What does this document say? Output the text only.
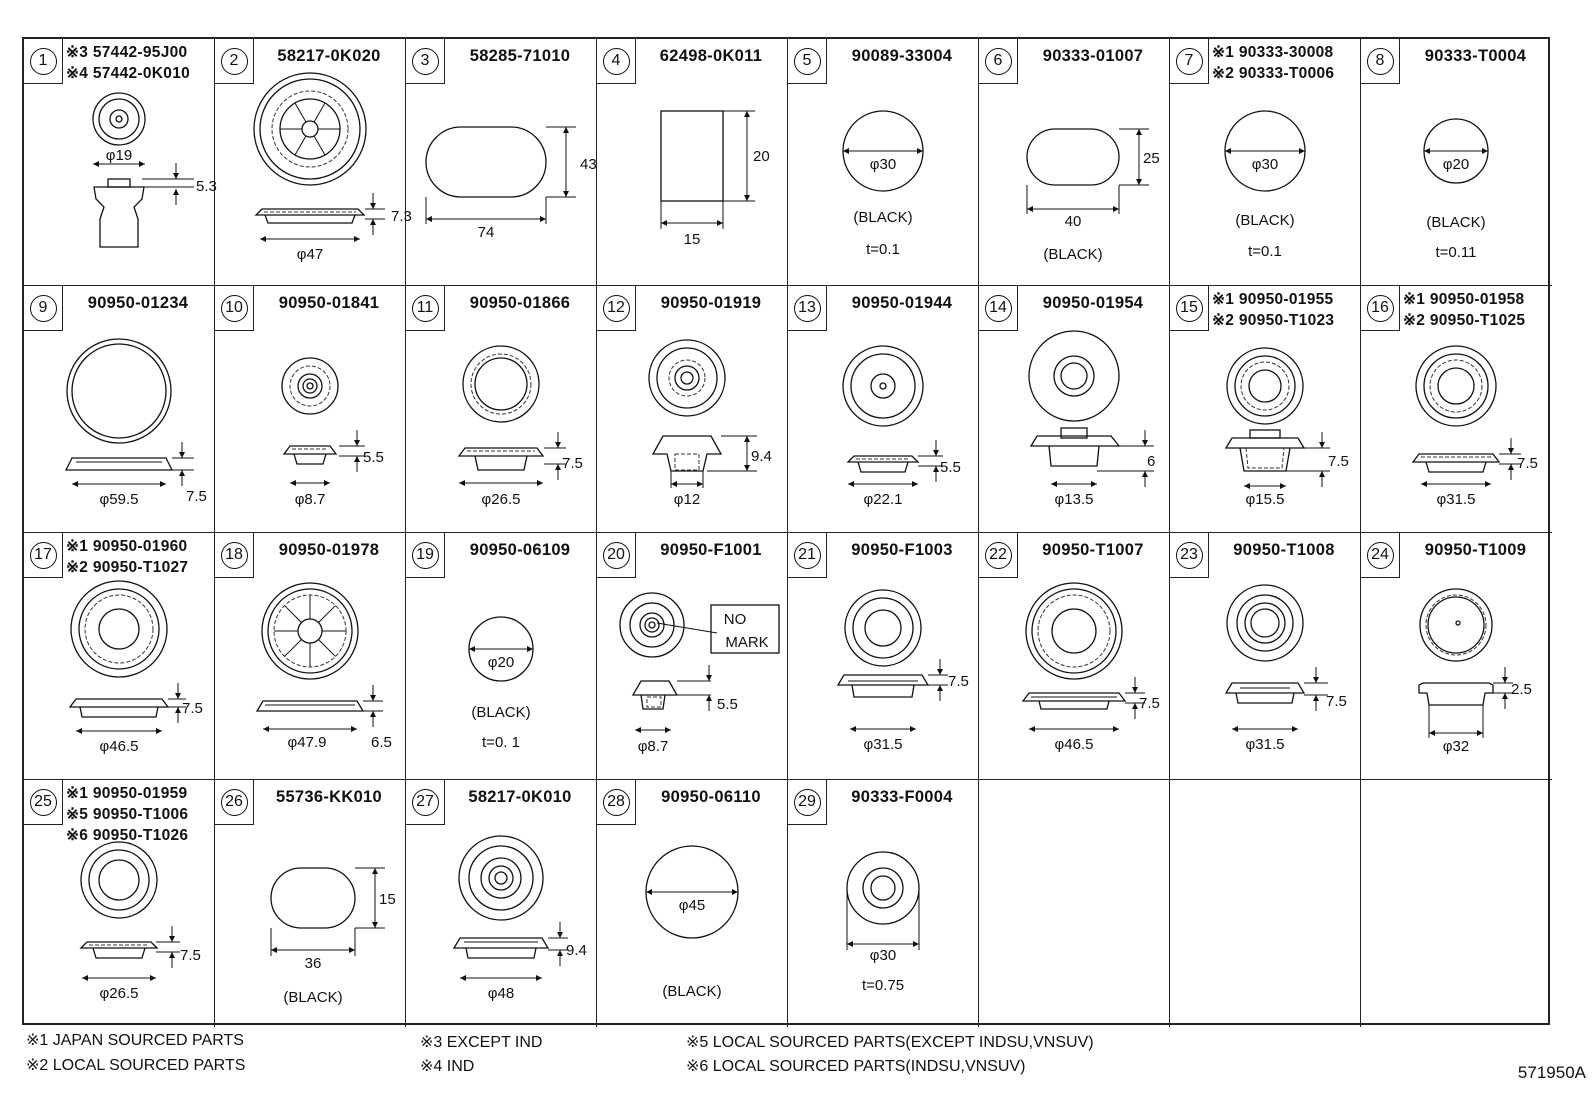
1	※3 57442-95J00
※4 57442-0K010
φ19
5.3
2	58217-0K020
7.3
φ47
3	58285-71010
43
74
4	62498-0K011
20
15
5	90089-33004
φ30
(BLACK)
t=0.1
6	90333-01007
25
40
(BLACK)
7	※1 90333-30008
※2 90333-T0006
φ30
(BLACK)
t=0.1
8	90333-T0004
φ20
(BLACK)
t=0.11
9	90950-01234
7.5
φ59.5
10	90950-01841
5.5
φ8.7
11	90950-01866
7.5
φ26.5
12	90950-01919
9.4
φ12
13	90950-01944
5.5
φ22.1
14	90950-01954
6
φ13.5
15 ※1 90950-01955
※2 90950-T1023
7.5
φ15.5
16 ※1 90950-01958
※2 90950-T1025
7.5
φ31.5
17 ※1 90950-01960
※2 90950-T1027
7.5
φ46.5
18	90950-01978
φ47.9	6.5
19	90950-06109
φ20
(BLACK)
t=0. 1
20	90950-F1001
NO
MARK
5.5
φ8.7
21	90950-F1003
7.5
φ31.5
22	90950-T1007
7.5
φ46.5
23	90950-T1008
7.5
φ31.5
24	90950-T1009
2.5
φ32
25 ※1 90950-01959
※5 90950-T1006
※6 90950-T1026
7.5
φ26.5
26	55736-KK010
15
36
(BLACK)
27	58217-0K010
9.4
φ48
28	90950-06110
φ45
(BLACK)
29	90333-F0004
φ30
t=0.75
※1 JAPAN SOURCED PARTS
※2 LOCAL SOURCED PARTS
※3 EXCEPT IND
※4 IND
※5 LOCAL SOURCED PARTS(EXCEPT INDSU,VNSUV)
※6 LOCAL SOURCED PARTS(INDSU,VNSUV)	571950A
